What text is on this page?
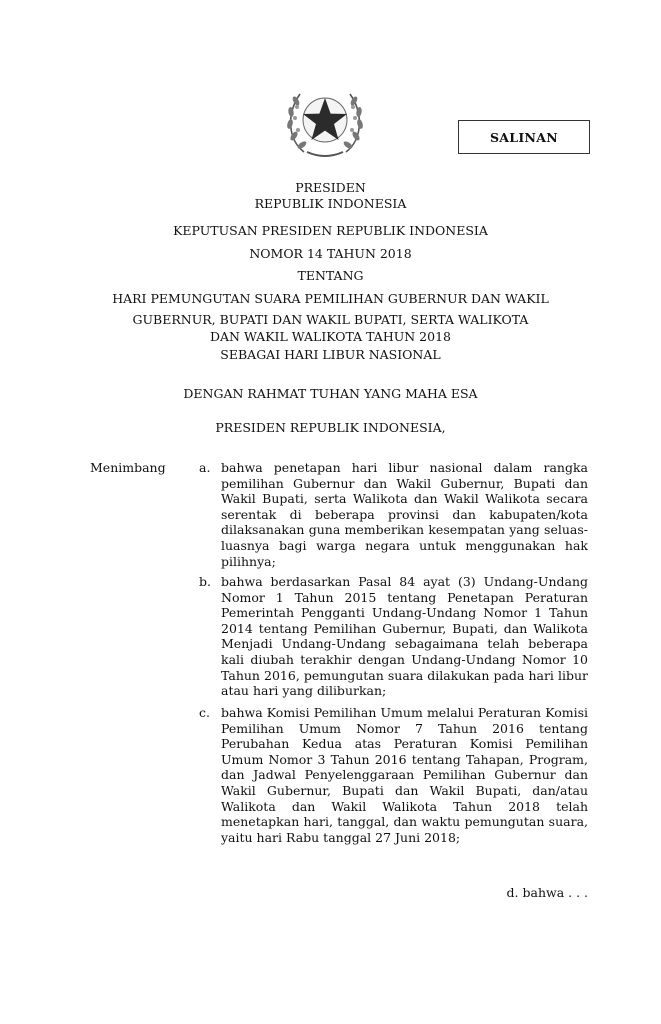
SALINAN
PRESIDEN
REPUBLIK INDONESIA
KEPUTUSAN PRESIDEN REPUBLIK INDONESIA
NOMOR 14 TAHUN 2018
TENTANG
HARI PEMUNGUTAN SUARA PEMILIHAN GUBERNUR DAN WAKIL
GUBERNUR, BUPATI DAN WAKIL BUPATI, SERTA WALIKOTA
DAN WAKIL WALIKOTA TAHUN 2018
SEBAGAI HARI LIBUR NASIONAL
DENGAN RAHMAT TUHAN YANG MAHA ESA
PRESIDEN REPUBLIK INDONESIA,
Menimbang	a. bahwa penetapan hari libur nasional dalam rangka pemilihan Gubernur dan Wakil Gubernur, Bupati dan Wakil Bupati, serta Walikota dan Wakil Walikota secara serentak di beberapa provinsi dan kabupaten/kota dilaksanakan guna memberikan kesempatan yang seluas-luasnya bagi warga negara untuk menggunakan hak pilihnya;
b. bahwa berdasarkan Pasal 84 ayat (3) Undang-Undang Nomor 1 Tahun 2015 tentang Penetapan Peraturan Pemerintah Pengganti Undang-Undang Nomor 1 Tahun 2014 tentang Pemilihan Gubernur, Bupati, dan Walikota Menjadi Undang-Undang sebagaimana telah beberapa kali diubah terakhir dengan Undang-Undang Nomor 10 Tahun 2016, pemungutan suara dilakukan pada hari libur atau hari yang diliburkan;
c. bahwa Komisi Pemilihan Umum melalui Peraturan Komisi Pemilihan Umum Nomor 7 Tahun 2016 tentang Perubahan Kedua atas Peraturan Komisi Pemilihan Umum Nomor 3 Tahun 2016 tentang Tahapan, Program, dan Jadwal Penyelenggaraan Pemilihan Gubernur dan Wakil Gubernur, Bupati dan Wakil Bupati, dan/atau Walikota dan Wakil Walikota Tahun 2018 telah menetapkan hari, tanggal, dan waktu pemungutan suara, yaitu hari Rabu tanggal 27 Juni 2018;
d. bahwa . . .
